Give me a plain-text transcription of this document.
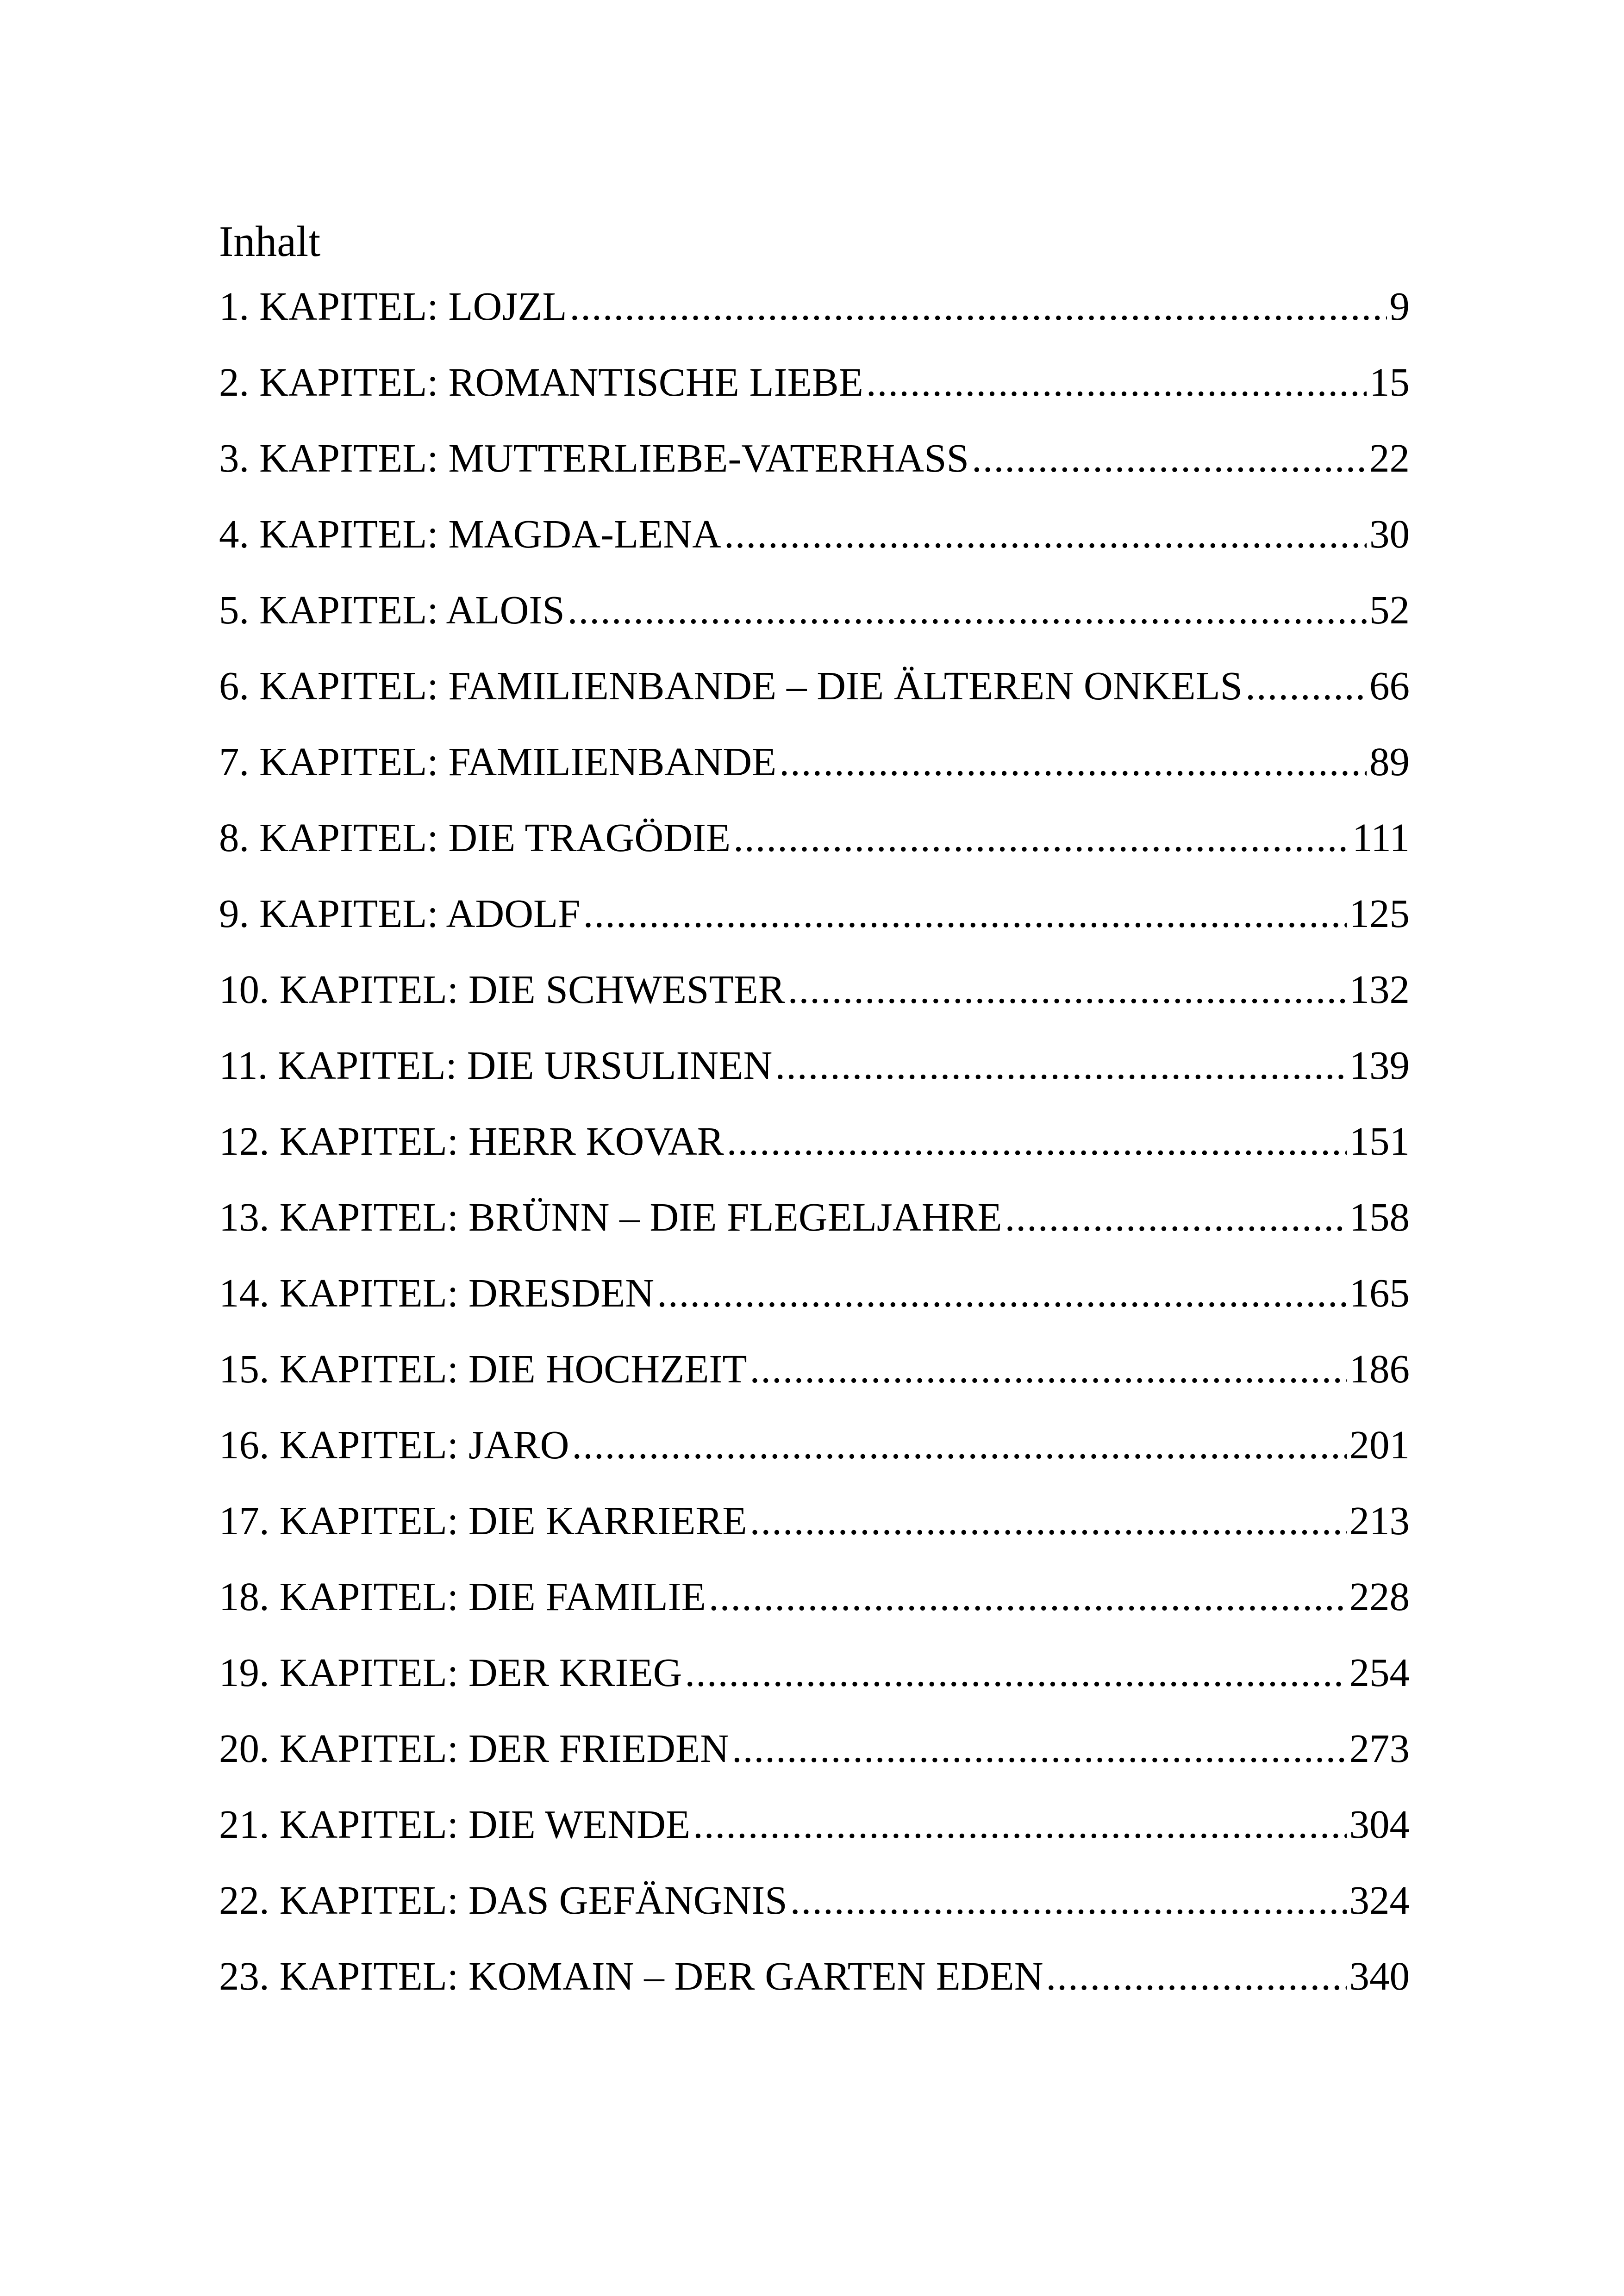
Inhalt
1. KAPITEL: LOJZL .....	9
2. KAPITEL: ROMANTISCHE LIEBE .....	15
3. KAPITEL: MUTTERLIEBE-VATERHASS .....	22
4. KAPITEL: MAGDA-LENA .....	30
5. KAPITEL: ALOIS .....	52
6. KAPITEL: FAMILIENBANDE – DIE ÄLTEREN ONKELS .....	66
7. KAPITEL: FAMILIENBANDE .....	89
8. KAPITEL: DIE TRAGÖDIE .....	111
9. KAPITEL: ADOLF .....	125
10. KAPITEL: DIE SCHWESTER .....	132
11. KAPITEL: DIE URSULINEN .....	139
12. KAPITEL: HERR KOVAR .....	151
13. KAPITEL: BRÜNN – DIE FLEGELJAHRE .....	158
14. KAPITEL: DRESDEN .....	165
15. KAPITEL: DIE HOCHZEIT .....	186
16. KAPITEL: JARO .....	201
17. KAPITEL: DIE KARRIERE .....	213
18. KAPITEL: DIE FAMILIE .....	228
19. KAPITEL: DER KRIEG .....	254
20. KAPITEL: DER FRIEDEN .....	273
21. KAPITEL: DIE WENDE .....	304
22. KAPITEL: DAS GEFÄNGNIS .....	324
23. KAPITEL: KOMAIN – DER GARTEN EDEN .....	340
